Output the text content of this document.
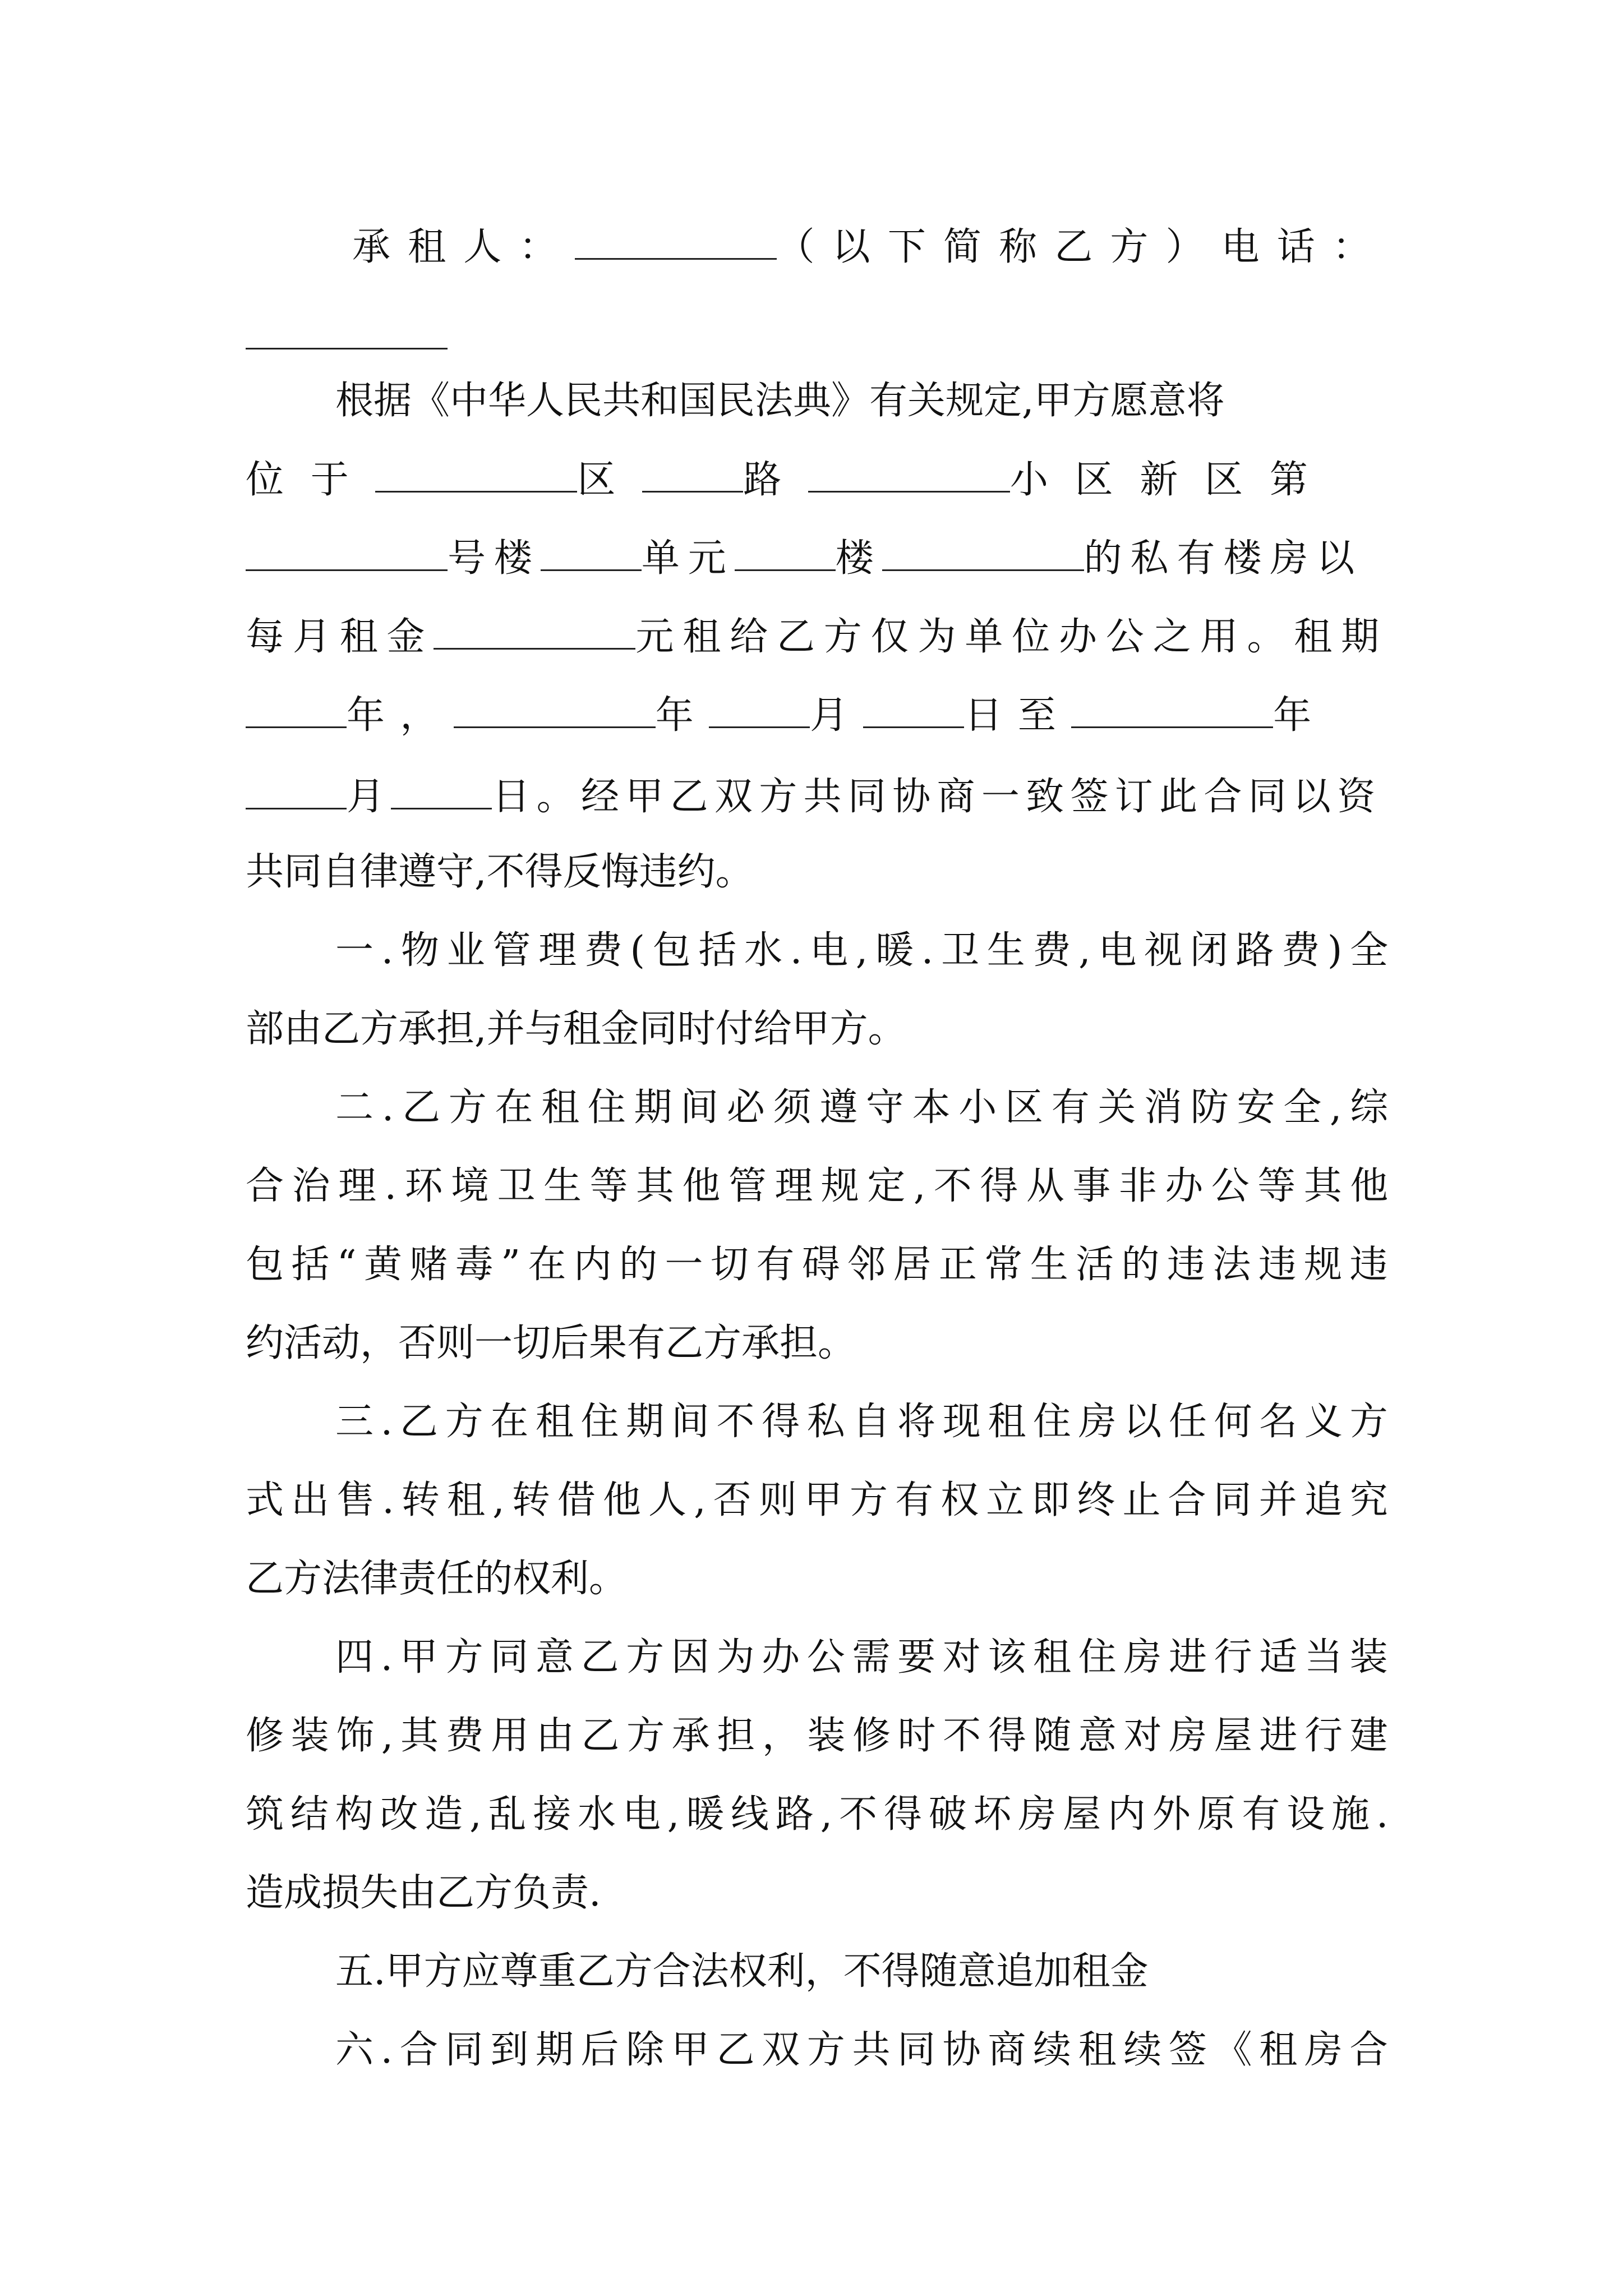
承租人：	（以下简称乙方）电话：
根据《中华人民共和国民法典》有关规定,甲方愿意将
位于	区	路	小区新区第
号楼	单元	楼	的私有楼房以
每月租金	元租给乙方仅为单位办公之用。租期
年，	年	月	日至	年
月	日。经甲乙双方共同协商一致签订此合同以资
共同自律遵守,不得反悔违约。
一.物业管理费(包括水.电,暖.卫生费,电视闭路费)全
部由乙方承担,并与租金同时付给甲方。
二.乙方在租住期间必须遵守本小区有关消防安全,综
合治理.环境卫生等其他管理规定,不得从事非办公等其他
包括“黄赌毒”在内的一切有碍邻居正常生活的违法违规违
约活动，否则一切后果有乙方承担。
三.乙方在租住期间不得私自将现租住房以任何名义方
式出售.转租,转借他人,否则甲方有权立即终止合同并追究
乙方法律责任的权利。
四.甲方同意乙方因为办公需要对该租住房进行适当装
修装饰,其费用由乙方承担，装修时不得随意对房屋进行建
筑结构改造,乱接水电,暖线路,不得破坏房屋内外原有设施.
造成损失由乙方负责.
五.甲方应尊重乙方合法权利，不得随意追加租金
六.合同到期后除甲乙双方共同协商续租续签《租房合
